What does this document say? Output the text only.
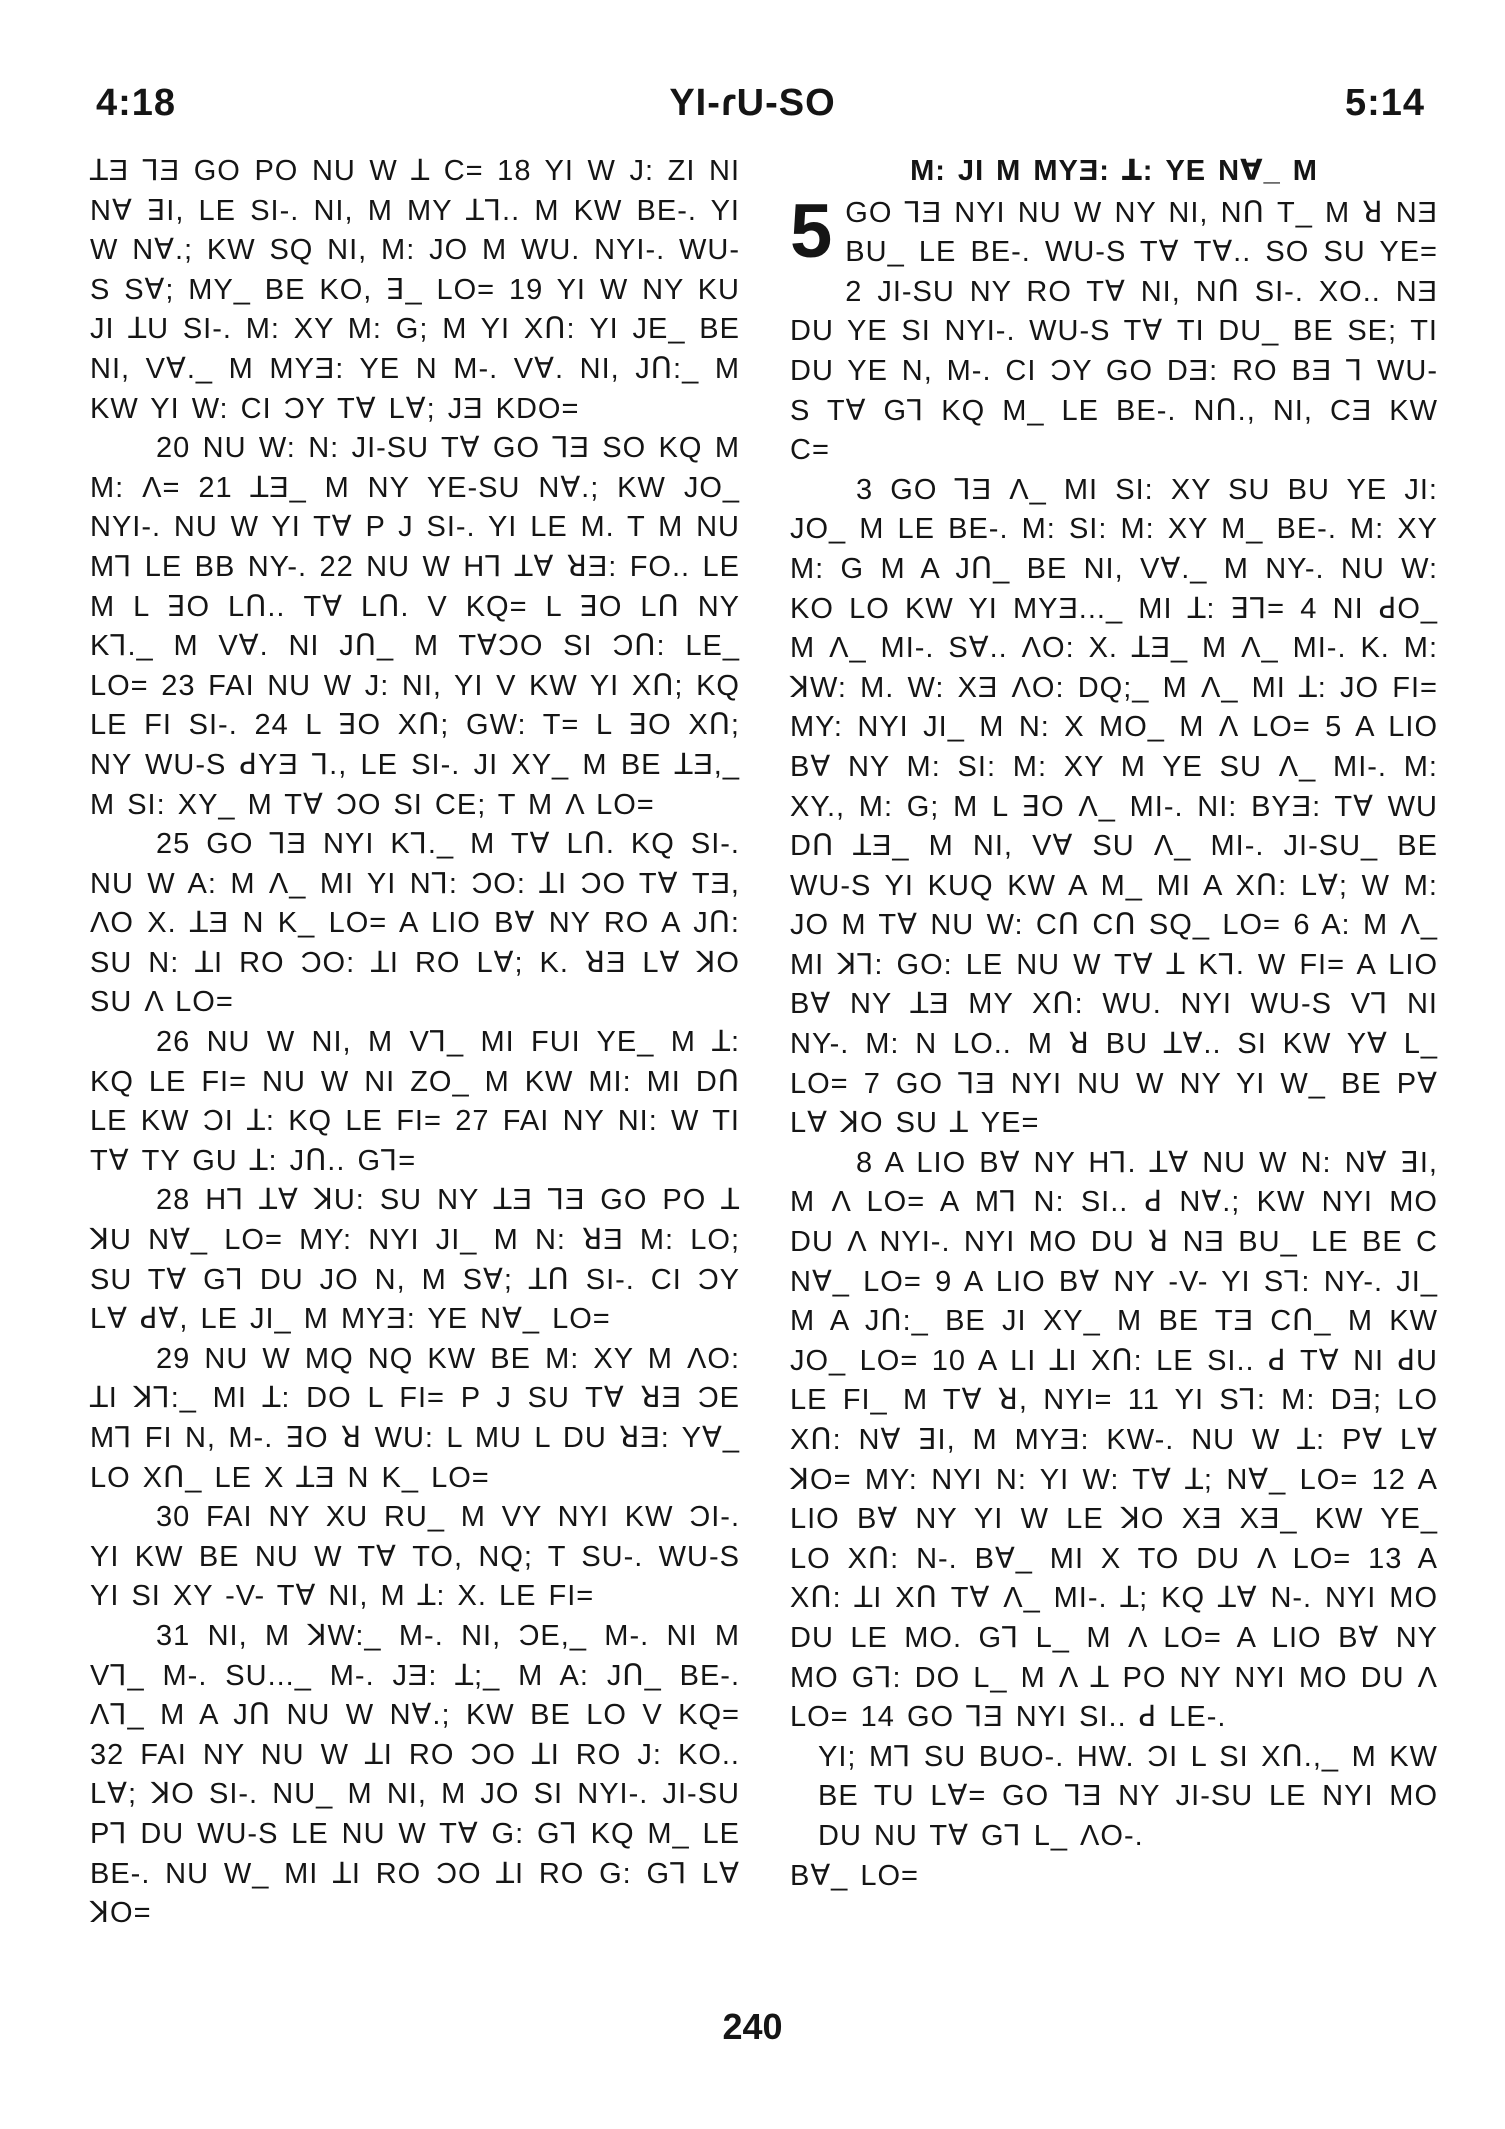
4:18	YI-ɾU-SO	5:14

ꓕƎ ꓶƎ GO PO NU W ꓕ C= 18 YI W J: ZI NI Nꓯ ꓱI, LE SI-. NI, M MY ꓕꓶ.. M KW BE-. YI W Nꓯ.; KW SQ NI, M: JO M WU. NYI-. WU-S Sꓯ; MY_ BE KO, ꓱ_ LO= 19 YI W NY KU JI ꓕU SI-. M: XY M: G; M YI XՈ: YI JE_ BE NI, Vꓯ._ M MYƎ: YE N M-. Vꓯ. NI, JՈ:_ M KW YI W: CI ϽY Tꓯ Lꓯ; JƎ KDO=

20 NU W: N: JI-SU Tꓯ GO ꓶƎ SO KQ M M: Λ= 21 ꓕƎ_ M NY YE-SU Nꓯ.; KW JO_ NYI-. NU W YI Tꓯ P J SI-. YI LE M. T M NU Mꓶ LE BB NY-. 22 NU W Hꓶ ꓕꓯ ꓤƎ: FO.. LE M L ꓱO LՈ.. Tꓯ LՈ. V KQ= L ꓱO LՈ NY Kꓶ._ M Vꓯ. NI JՈ_ M TꓯϽO SI ϽՈ: LE_ LO= 23 FAI NU W J: NI, YI V KW YI XՈ; KQ LE FI SI-. 24 L ꓱO XՈ; GW: T= L ꓱO XՈ; NY WU-S ꓒYƎ ꓶ., LE SI-. JI XY_ M BE ꓕƎ,_ M SI: XY_ M Tꓯ ϽO SI CE; T M Λ LO=

25 GO ꓶƎ NYI Kꓶ._ M Tꓯ LՈ. KQ SI-. NU W A: M Λ_ MI YI Nꓶ: ϽO: ꓕI ϽO Tꓯ TƎ, ΛO X. ꓕƎ N K_ LO= A LIO Bꓯ NY RO A JՈ: SU N: ꓕI RO ϽO: ꓕI RO Lꓯ; K. ꓤƎ Lꓯ ꓘO SU Λ LO=

26 NU W NI, M Vꓶ_ MI FUI YE_ M ꓕ: KQ LE FI= NU W NI ZO_ M KW MI: MI DՈ LE KW ϽI ꓕ: KQ LE FI= 27 FAI NY NI: W TI Tꓯ TY GU ꓕ: JՈ.. Gꓶ=

28 Hꓶ ꓕꓯ ꓘU: SU NY ꓕƎ ꓶƎ GO PO ꓕ ꓘU Nꓯ_ LO= MY: NYI JI_ M N: ꓤƎ M: LO; SU Tꓯ Gꓶ DU JO N, M Sꓯ; ꓕՈ SI-. CI ϽY Lꓯ ꓒꓯ, LE JI_ M MYƎ: YE Nꓯ_ LO=

29 NU W MQ NQ KW BE M: XY M ΛO: ꓕI ꓘꓶ:_ MI ꓕ: DO L FI= P J SU Tꓯ ꓤƎ ϽE Mꓶ FI N, M-. ꓱO ꓤ WU: L MU L DU ꓤƎ: Yꓯ_ LO XՈ_ LE X ꓕƎ N K_ LO=

30 FAI NY XU RU_ M VY NYI KW ϽI-. YI KW BE NU W Tꓯ TO, NQ; T SU-. WU-S YI SI XY -V- Tꓯ NI, M ꓕ: X. LE FI=

31 NI, M ꓘW:_ M-. NI, ϽE,_ M-. NI M Vꓶ_ M-. SU..._ M-. JƎ: ꓕ;_ M A: JՈ_ BE-. Λꓶ_ M A JՈ NU W Nꓯ.; KW BE LO V KQ= 32 FAI NY NU W ꓕI RO ϽO ꓕI RO J: KO.. Lꓯ; ꓘO SI-. NU_ M NI, M JO SI NYI-. JI-SU Pꓶ DU WU-S LE NU W Tꓯ G: Gꓶ KQ M_ LE BE-. NU W_ MI ꓕI RO ϽO ꓕI RO G: Gꓶ Lꓯ ꓘO=

M: JI M MYƎ: ꓕ: YE Nꓯ_ M

5 GO ꓶƎ NYI NU W NY NI, NՈ T_ M ꓤ NƎ BU_ LE BE-. WU-S Tꓯ Tꓯ.. SO SU YE= 2 JI-SU NY RO Tꓯ NI, NՈ SI-. XO.. NƎ DU YE SI NYI-. WU-S Tꓯ TI DU_ BE SE; TI DU YE N, M-. CI ϽY GO DƎ: RO BƎ ꓶ WU-S Tꓯ Gꓶ KQ M_ LE BE-. NՈ., NI, CƎ KW C=

3 GO ꓶƎ Λ_ MI SI: XY SU BU YE JI: JO_ M LE BE-. M: SI: M: XY M_ BE-. M: XY M: G M A JՈ_ BE NI, Vꓯ._ M NY-. NU W: KO LO KW YI MYƎ..._ MI ꓕ: ꓱꓶ= 4 NI ꓒO_ M Λ_ MI-. Sꓯ.. ΛO: X. ꓕƎ_ M Λ_ MI-. K. M: ꓘW: M. W: XƎ ΛO: DQ;_ M Λ_ MI ꓕ: JO FI= MY: NYI JI_ M N: X MO_ M Λ LO= 5 A LIO Bꓯ NY M: SI: M: XY M YE SU Λ_ MI-. M: XY., M: G; M L ꓱO Λ_ MI-. NI: BYƎ: Tꓯ WU DՈ ꓕƎ_ M NI, Vꓯ SU Λ_ MI-. JI-SU_ BE WU-S YI KUQ KW A M_ MI A XՈ: Lꓯ; W M: JO M Tꓯ NU W: CՈ CՈ SQ_ LO= 6 A: M Λ_ MI ꓘꓶ: GO: LE NU W Tꓯ ꓕ Kꓶ. W FI= A LIO Bꓯ NY ꓕƎ MY XՈ: WU. NYI WU-S Vꓶ NI NY-. M: N LO.. M ꓤ BU ꓕꓯ.. SI KW Yꓯ L_ LO= 7 GO ꓶƎ NYI NU W NY YI W_ BE Pꓯ Lꓯ ꓘO SU ꓕ YE=

8 A LIO Bꓯ NY Hꓶ. ꓕꓯ NU W N: Nꓯ ꓱI, M Λ LO= A Mꓶ N: SI.. ꓒ Nꓯ.; KW NYI MO DU Λ NYI-. NYI MO DU ꓤ NƎ BU_ LE BE C Nꓯ_ LO= 9 A LIO Bꓯ NY -V- YI Sꓶ: NY-. JI_ M A JՈ:_ BE JI XY_ M BE TƎ CՈ_ M KW JO_ LO= 10 A LI ꓕI XՈ: LE SI.. ꓒ Tꓯ NI ꓒU LE FI_ M Tꓯ ꓤ, NYI= 11 YI Sꓶ: M: DƎ; LO XՈ: Nꓯ ꓱI, M MYƎ: KW-. NU W ꓕ: Pꓯ Lꓯ ꓘO= MY: NYI N: YI W: Tꓯ ꓕ; Nꓯ_ LO= 12 A LIO Bꓯ NY YI W LE ꓘO XƎ XƎ_ KW YE_ LO XՈ: N-. Bꓯ_ MI X TO DU Λ LO= 13 A XՈ: ꓕI XՈ Tꓯ Λ_ MI-. ꓕ; KQ ꓕꓯ N-. NYI MO DU LE MO. Gꓶ L_ M Λ LO= A LIO Bꓯ NY MO Gꓶ: DO L_ M Λ ꓕ PO NY NYI MO DU Λ LO= 14 GO ꓶƎ NYI SI.. ꓒ LE-.

YI; Mꓶ SU BUO-. HW. ϽI L SI XՈ.,_ M KW BE TU Lꓯ= GO ꓶƎ NY JI-SU LE NYI MO DU NU Tꓯ Gꓶ L_ ΛO-.

Bꓯ_ LO=

240
